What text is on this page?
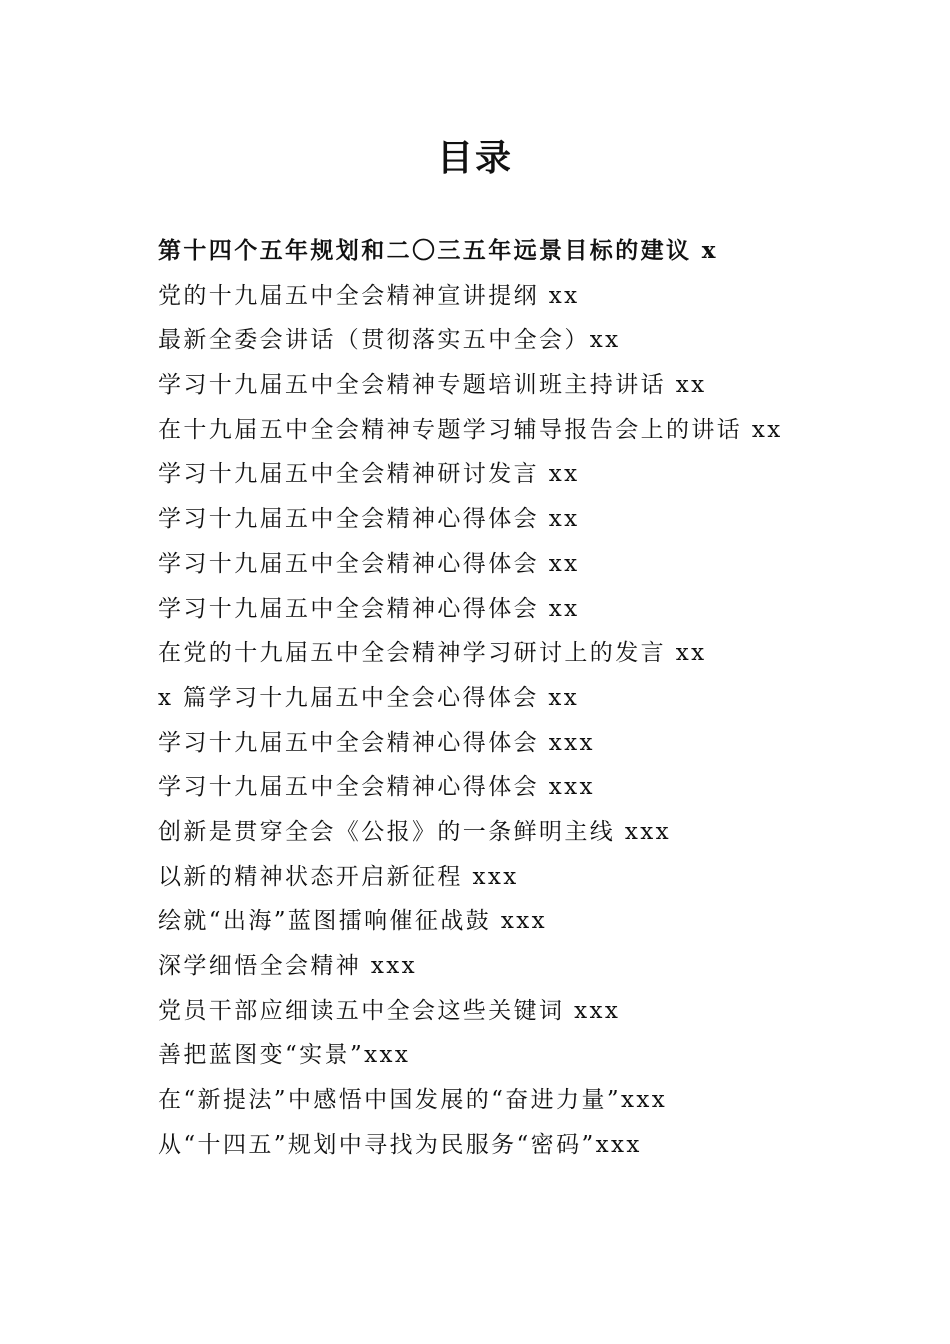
目录
第十四个五年规划和二〇三五年远景目标的建议 x
党的十九届五中全会精神宣讲提纲 xx
最新全委会讲话（贯彻落实五中全会）xx
学习十九届五中全会精神专题培训班主持讲话 xx
在十九届五中全会精神专题学习辅导报告会上的讲话 xx
学习十九届五中全会精神研讨发言 xx
学习十九届五中全会精神心得体会 xx
学习十九届五中全会精神心得体会 xx
学习十九届五中全会精神心得体会 xx
在党的十九届五中全会精神学习研讨上的发言 xx
x 篇学习十九届五中全会心得体会 xx
学习十九届五中全会精神心得体会 xxx
学习十九届五中全会精神心得体会 xxx
创新是贯穿全会《公报》的一条鲜明主线 xxx
以新的精神状态开启新征程 xxx
绘就“出海”蓝图擂响催征战鼓 xxx
深学细悟全会精神 xxx
党员干部应细读五中全会这些关键词 xxx
善把蓝图变“实景”xxx
在“新提法”中感悟中国发展的“奋进力量”xxx
从“十四五”规划中寻找为民服务“密码”xxx
